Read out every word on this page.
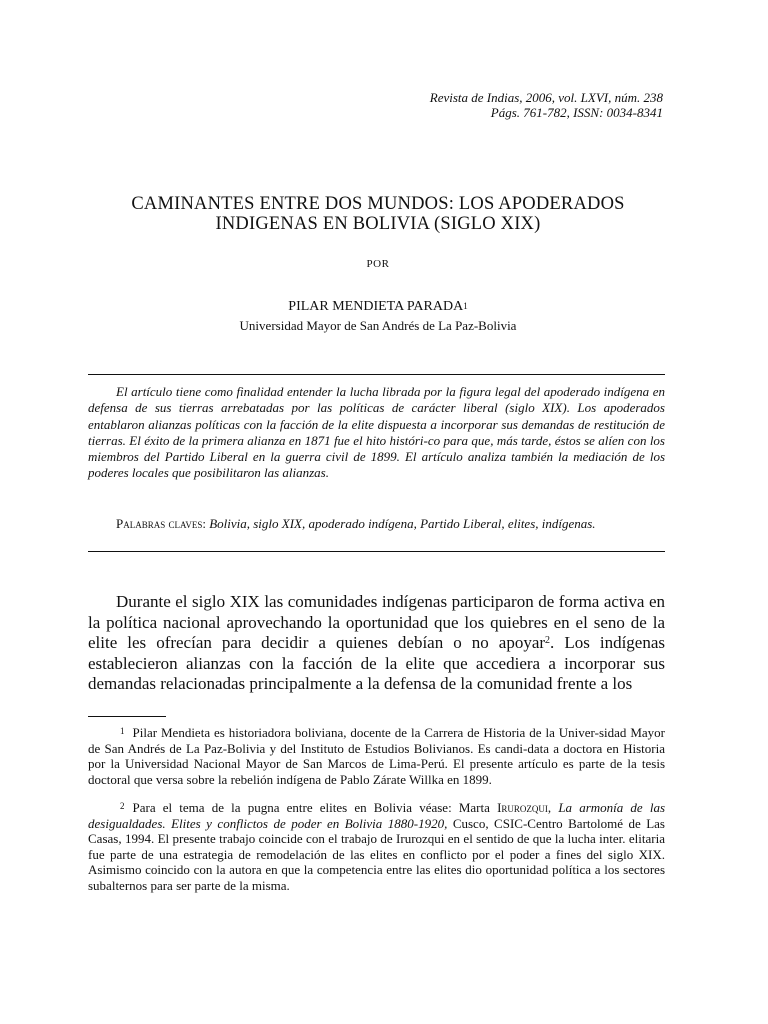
Revista de Indias, 2006, vol. LXVI, núm. 238
Págs. 761-782, ISSN: 0034-8341
CAMINANTES ENTRE DOS MUNDOS: LOS APODERADOS
INDIGENAS EN BOLIVIA (SIGLO XIX)
POR
PILAR MENDIETA PARADA$^1$
Universidad Mayor de San Andrés de La Paz-Bolivia
El artículo tiene como finalidad entender la lucha librada por la figura legal del apoderado indígena en defensa de sus tierras arrebatadas por las políticas de carácter liberal (siglo XIX). Los apoderados entablaron alianzas políticas con la facción de la elite dispuesta a incorporar sus demandas de restitución de tierras. El éxito de la primera alianza en 1871 fue el hito históri-co para que, más tarde, éstos se alíen con los miembros del Partido Liberal en la guerra civil de 1899. El artículo analiza también la mediación de los poderes locales que posibilitaron las alianzas.
Palabras claves: Bolivia, siglo XIX, apoderado indígena, Partido Liberal, elites, indígenas.
Durante el siglo XIX las comunidades indígenas participaron de forma activa en la política nacional aprovechando la oportunidad que los quiebres en el seno de la elite les ofrecían para decidir a quienes debían o no apoyar$^2$. Los indígenas establecieron alianzas con la facción de la elite que accediera a incorporar sus demandas relacionadas principalmente a la defensa de la comunidad frente a los
$^1$ Pilar Mendieta es historiadora boliviana, docente de la Carrera de Historia de la Univer-sidad Mayor de San Andrés de La Paz-Bolivia y del Instituto de Estudios Bolivianos. Es candi-data a doctora en Historia por la Universidad Nacional Mayor de San Marcos de Lima-Perú. El presente artículo es parte de la tesis doctoral que versa sobre la rebelión indígena de Pablo Zárate Willka en 1899.
$^2$ Para el tema de la pugna entre elites en Bolivia véase: Marta Irurozqui, La armonía de las desigualdades. Elites y conflictos de poder en Bolivia 1880-1920, Cusco, CSIC-Centro Bartolomé de Las Casas, 1994. El presente trabajo coincide con el trabajo de Irurozqui en el sentido de que la lucha inter. elitaria fue parte de una estrategia de remodelación de las elites en conflicto por el poder a fines del siglo XIX. Asimismo coincido con la autora en que la competencia entre las elites dio oportunidad política a los sectores subalternos para ser parte de la misma.
